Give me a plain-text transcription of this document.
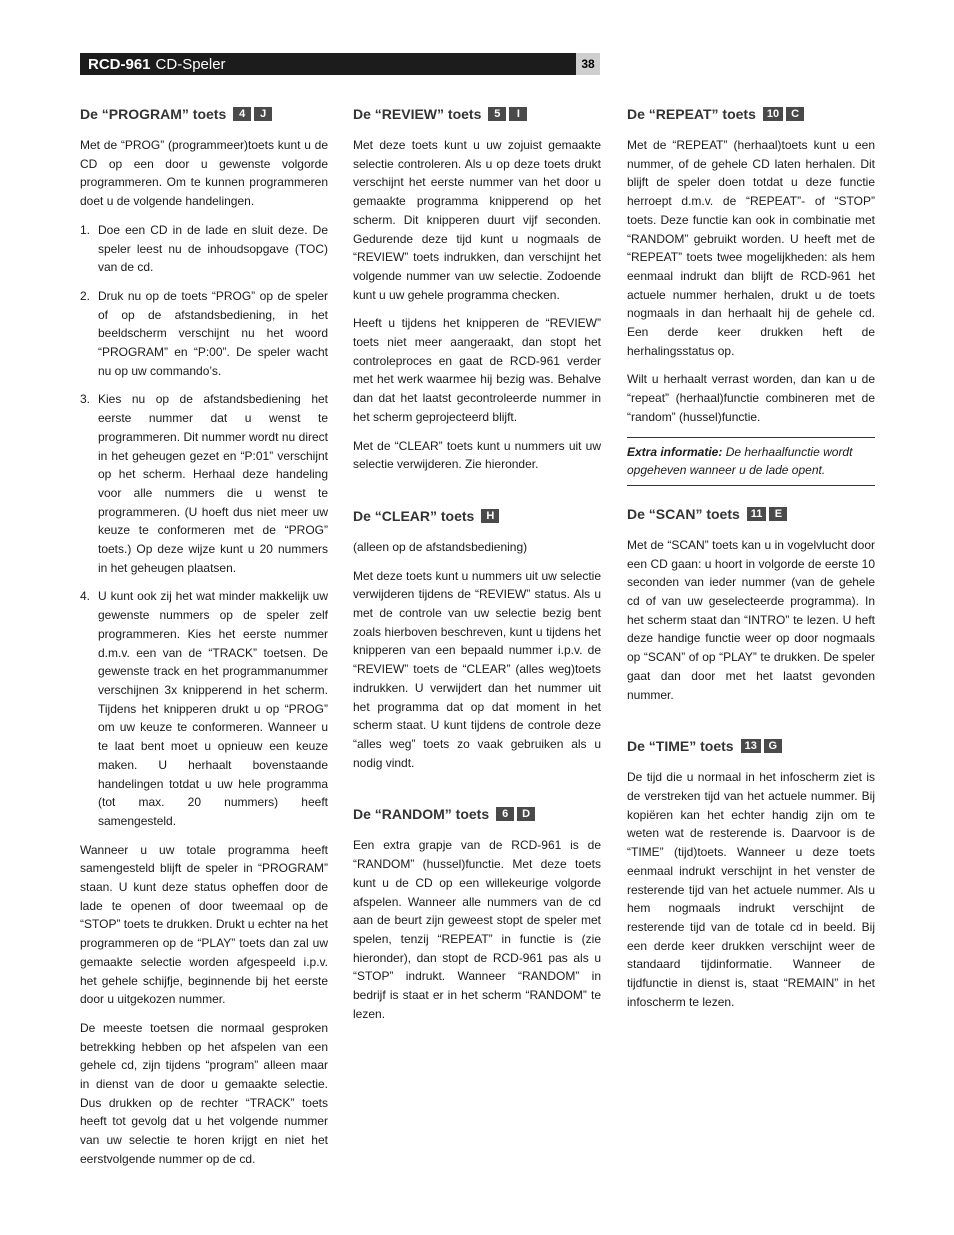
RCD-961 CD-Speler	38
De “PROGRAM” toets	4	J

Met de “PROG” (programmeer)toets kunt u de CD op een door u gewenste volgorde programmeren. Om te kunnen programmeren doet u de volgende handelingen.

1. Doe een CD in de lade en sluit deze. De speler leest nu de inhoudsopgave (TOC) van de cd.
2. Druk nu op de toets “PROG” op de speler of op de afstandsbediening, in het beeldscherm verschijnt nu het woord “PROGRAM” en “P:00”. De speler wacht nu op uw commando’s.
3. Kies nu op de afstandsbediening het eerste nummer dat u wenst te programmeren. Dit nummer wordt nu direct in het geheugen gezet en “P:01” verschijnt op het scherm. Herhaal deze handeling voor alle nummers die u wenst te programmeren. (U hoeft dus niet meer uw keuze te conformeren met de “PROG” toets.) Op deze wijze kunt u 20 nummers in het geheugen plaatsen.
4. U kunt ook zij het wat minder makkelijk uw gewenste nummers op de speler zelf programmeren. Kies het eerste nummer d.m.v. een van de “TRACK” toetsen. De gewenste track en het programmanummer verschijnen 3x knipperend in het scherm. Tijdens het knipperen drukt u op “PROG” om uw keuze te conformeren. Wanneer u te laat bent moet u opnieuw een keuze maken. U herhaalt bovenstaande handelingen totdat u uw hele programma (tot max. 20 nummers) heeft samengesteld.

Wanneer u uw totale programma heeft samengesteld blijft de speler in “PROGRAM” staan. U kunt deze status opheffen door de lade te openen of door tweemaal op de “STOP” toets te drukken. Drukt u echter na het programmeren op de “PLAY” toets dan zal uw gemaakte selectie worden afgespeeld i.p.v. het gehele schijfje, beginnende bij het eerste door u uitgekozen nummer.

De meeste toetsen die normaal gesproken betrekking hebben op het afspelen van een gehele cd, zijn tijdens “program” alleen maar in dienst van de door u gemaakte selectie. Dus drukken op de rechter “TRACK” toets heeft tot gevolg dat u het volgende nummer van uw selectie te horen krijgt en niet het eerstvolgende nummer op de cd.

De “REVIEW” toets	5	I

Met deze toets kunt u uw zojuist gemaakte selectie controleren. Als u op deze toets drukt verschijnt het eerste nummer van het door u gemaakte programma knipperend op het scherm. Dit knipperen duurt vijf seconden. Gedurende deze tijd kunt u nogmaals de “REVIEW” toets indrukken, dan verschijnt het volgende nummer van uw selectie. Zodoende kunt u uw gehele programma checken.

Heeft u tijdens het knipperen de “REVIEW” toets niet meer aangeraakt, dan stopt het controleproces en gaat de RCD-961 verder met het werk waarmee hij bezig was. Behalve dan dat het laatst gecontroleerde nummer in het scherm geprojecteerd blijft.

Met de “CLEAR” toets kunt u nummers uit uw selectie verwijderen. Zie hieronder.

De “CLEAR” toets	H

(alleen op de afstandsbediening)

Met deze toets kunt u nummers uit uw selectie verwijderen tijdens de “REVIEW” status. Als u met de controle van uw selectie bezig bent zoals hierboven beschreven, kunt u tijdens het knipperen van een bepaald nummer i.p.v. de “REVIEW” toets de “CLEAR” (alles weg)toets indrukken. U verwijdert dan het nummer uit het programma dat op dat moment in het scherm staat. U kunt tijdens de controle deze “alles weg” toets zo vaak gebruiken als u nodig vindt.

De “RANDOM” toets	6	D

Een extra grapje van de RCD-961 is de “RANDOM” (hussel)functie. Met deze toets kunt u de CD op een willekeurige volgorde afspelen. Wanneer alle nummers van de cd aan de beurt zijn geweest stopt de speler met spelen, tenzij “REPEAT” in functie is (zie hieronder), dan stopt de RCD-961 pas als u “STOP” indrukt. Wanneer “RANDOM” in bedrijf is staat er in het scherm “RANDOM” te lezen.

De “REPEAT” toets	10	C

Met de “REPEAT” (herhaal)toets kunt u een nummer, of de gehele CD laten herhalen. Dit blijft de speler doen totdat u deze functie herroept d.m.v. de “REPEAT”- of “STOP” toets. Deze functie kan ook in combinatie met “RANDOM” gebruikt worden. U heeft met de “REPEAT” toets twee mogelijkheden: als hem eenmaal indrukt dan blijft de RCD-961 het actuele nummer herhalen, drukt u de toets nogmaals in dan herhaalt hij de gehele cd. Een derde keer drukken heft de herhalingsstatus op.

Wilt u herhaalt verrast worden, dan kan u de “repeat” (herhaal)functie combineren met de “random” (hussel)functie.

Extra informatie: De herhaalfunctie wordt opgeheven wanneer u de lade opent.
De “SCAN” toets	11	E

Met de “SCAN” toets kan u in vogelvlucht door een CD gaan: u hoort in volgorde de eerste 10 seconden van ieder nummer (van de gehele cd of van uw geselecteerde programma). In het scherm staat dan “INTRO” te lezen. U heft deze handige functie weer op door nogmaals op “SCAN” of op “PLAY” te drukken. De speler gaat dan door met het laatst gevonden nummer.

De “TIME” toets	13	G

De tijd die u normaal in het infoscherm ziet is de verstreken tijd van het actuele nummer. Bij kopiëren kan het echter handig zijn om te weten wat de resterende is. Daarvoor is de “TIME” (tijd)toets. Wanneer u deze toets eenmaal indrukt verschijnt in het venster de resterende tijd van het actuele nummer. Als u hem nogmaals indrukt verschijnt de resterende tijd van de totale cd in beeld. Bij een derde keer drukken verschijnt weer de standaard tijdinformatie. Wanneer de tijdfunctie in dienst is, staat “REMAIN” in het infoscherm te lezen.
